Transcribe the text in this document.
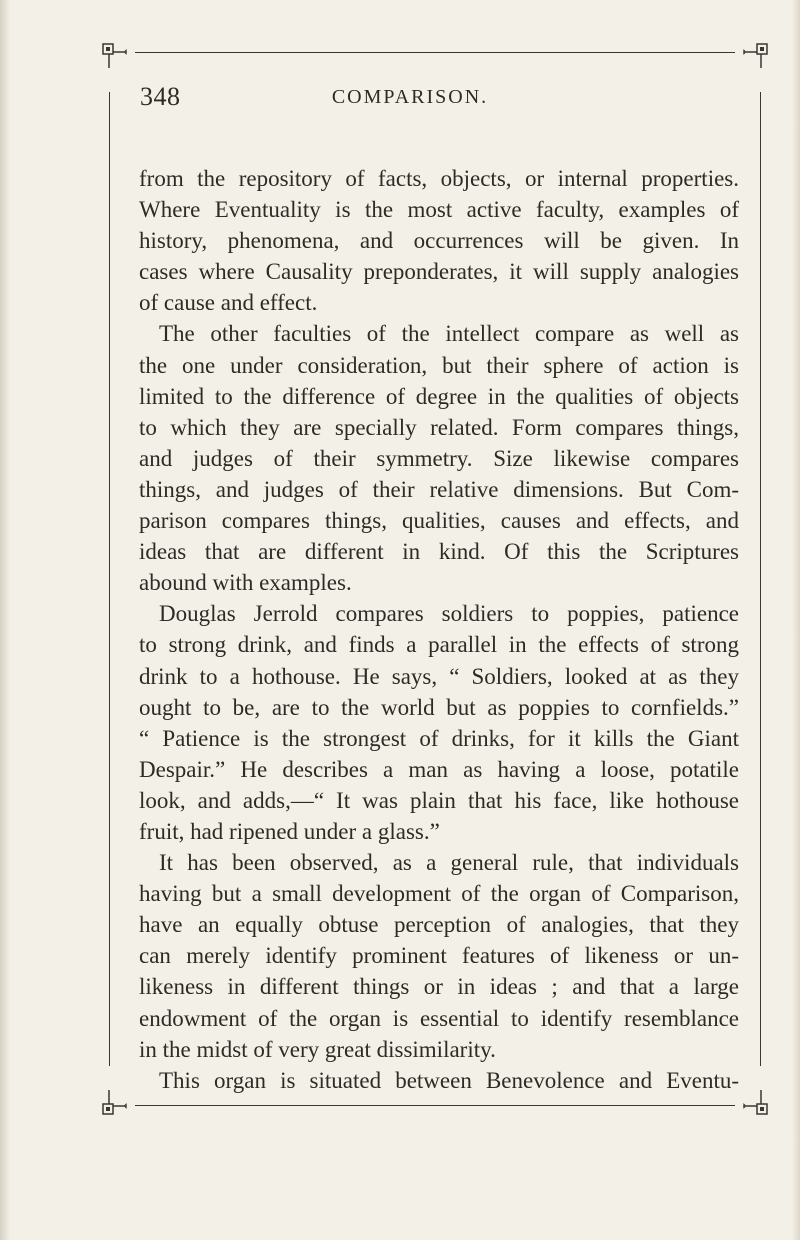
348	COMPARISON.
from the repository of facts, objects, or internal properties.
Where Eventuality is the most active faculty, examples of
history, phenomena, and occurrences will be given. In
cases where Causality preponderates, it will supply analogies
of cause and effect.
The other faculties of the intellect compare as well as
the one under consideration, but their sphere of action is
limited to the difference of degree in the qualities of objects
to which they are specially related. Form compares things,
and judges of their symmetry. Size likewise compares
things, and judges of their relative dimensions. But Com-
parison compares things, qualities, causes and effects, and
ideas that are different in kind. Of this the Scriptures
abound with examples.
Douglas Jerrold compares soldiers to poppies, patience
to strong drink, and finds a parallel in the effects of strong
drink to a hothouse. He says, “ Soldiers, looked at as they
ought to be, are to the world but as poppies to cornfields.”
“ Patience is the strongest of drinks, for it kills the Giant
Despair.” He describes a man as having a loose, potatile
look, and adds,—“ It was plain that his face, like hothouse
fruit, had ripened under a glass.”
It has been observed, as a general rule, that individuals
having but a small development of the organ of Comparison,
have an equally obtuse perception of analogies, that they
can merely identify prominent features of likeness or un-
likeness in different things or in ideas ; and that a large
endowment of the organ is essential to identify resemblance
in the midst of very great dissimilarity.
This organ is situated between Benevolence and Eventu-
